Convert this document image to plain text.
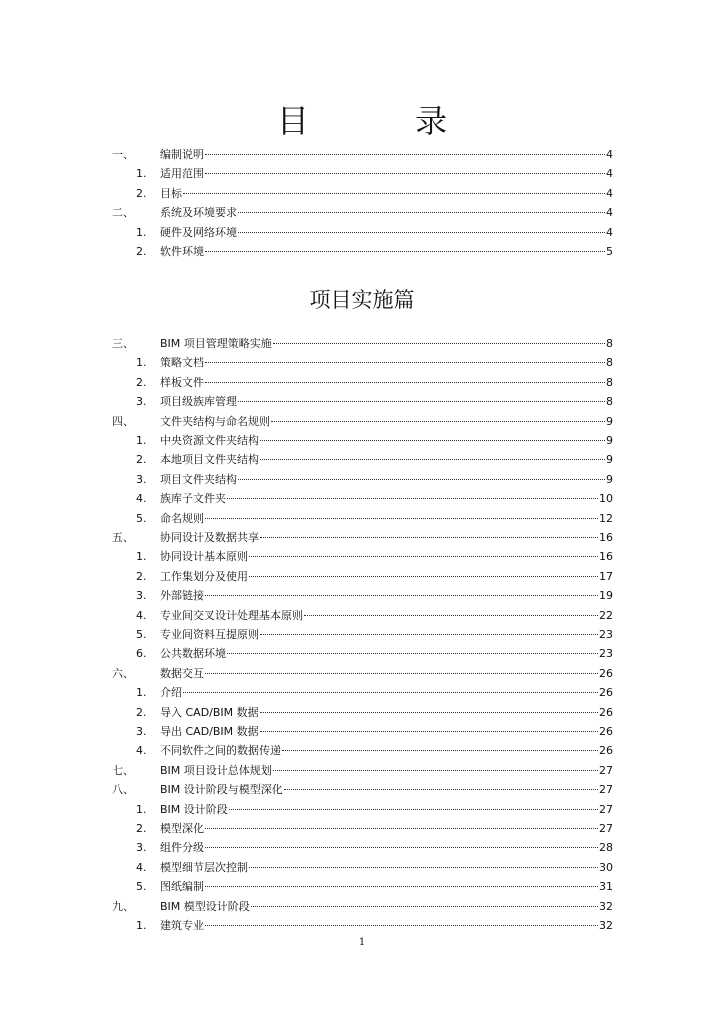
目 录
一、 编制说明	4
1. 适用范围	4
2. 目标	4
二、 系统及环境要求	4
1. 硬件及网络环境	4
2. 软件环境	5
项目实施篇
三、 BIM 项目管理策略实施	8
1. 策略文档	8
2. 样板文件	8
3. 项目级族库管理	8
四、 文件夹结构与命名规则	9
1. 中央资源文件夹结构	9
2. 本地项目文件夹结构	9
3. 项目文件夹结构	9
4. 族库子文件夹	10
5. 命名规则	12
五、 协同设计及数据共享	16
1. 协同设计基本原则	16
2. 工作集划分及使用	17
3. 外部链接	19
4. 专业间交叉设计处理基本原则	22
5. 专业间资料互提原则	23
6. 公共数据环境	23
六、 数据交互	26
1. 介绍	26
2. 导入 CAD/BIM 数据	26
3. 导出 CAD/BIM 数据	26
4. 不同软件之间的数据传递	26
七、 BIM 项目设计总体规划	27
八、 BIM 设计阶段与模型深化	27
1. BIM 设计阶段	27
2. 模型深化	27
3. 组件分级	28
4. 模型细节层次控制	30
5. 图纸编制	31
九、 BIM 模型设计阶段	32
1. 建筑专业	32
1
